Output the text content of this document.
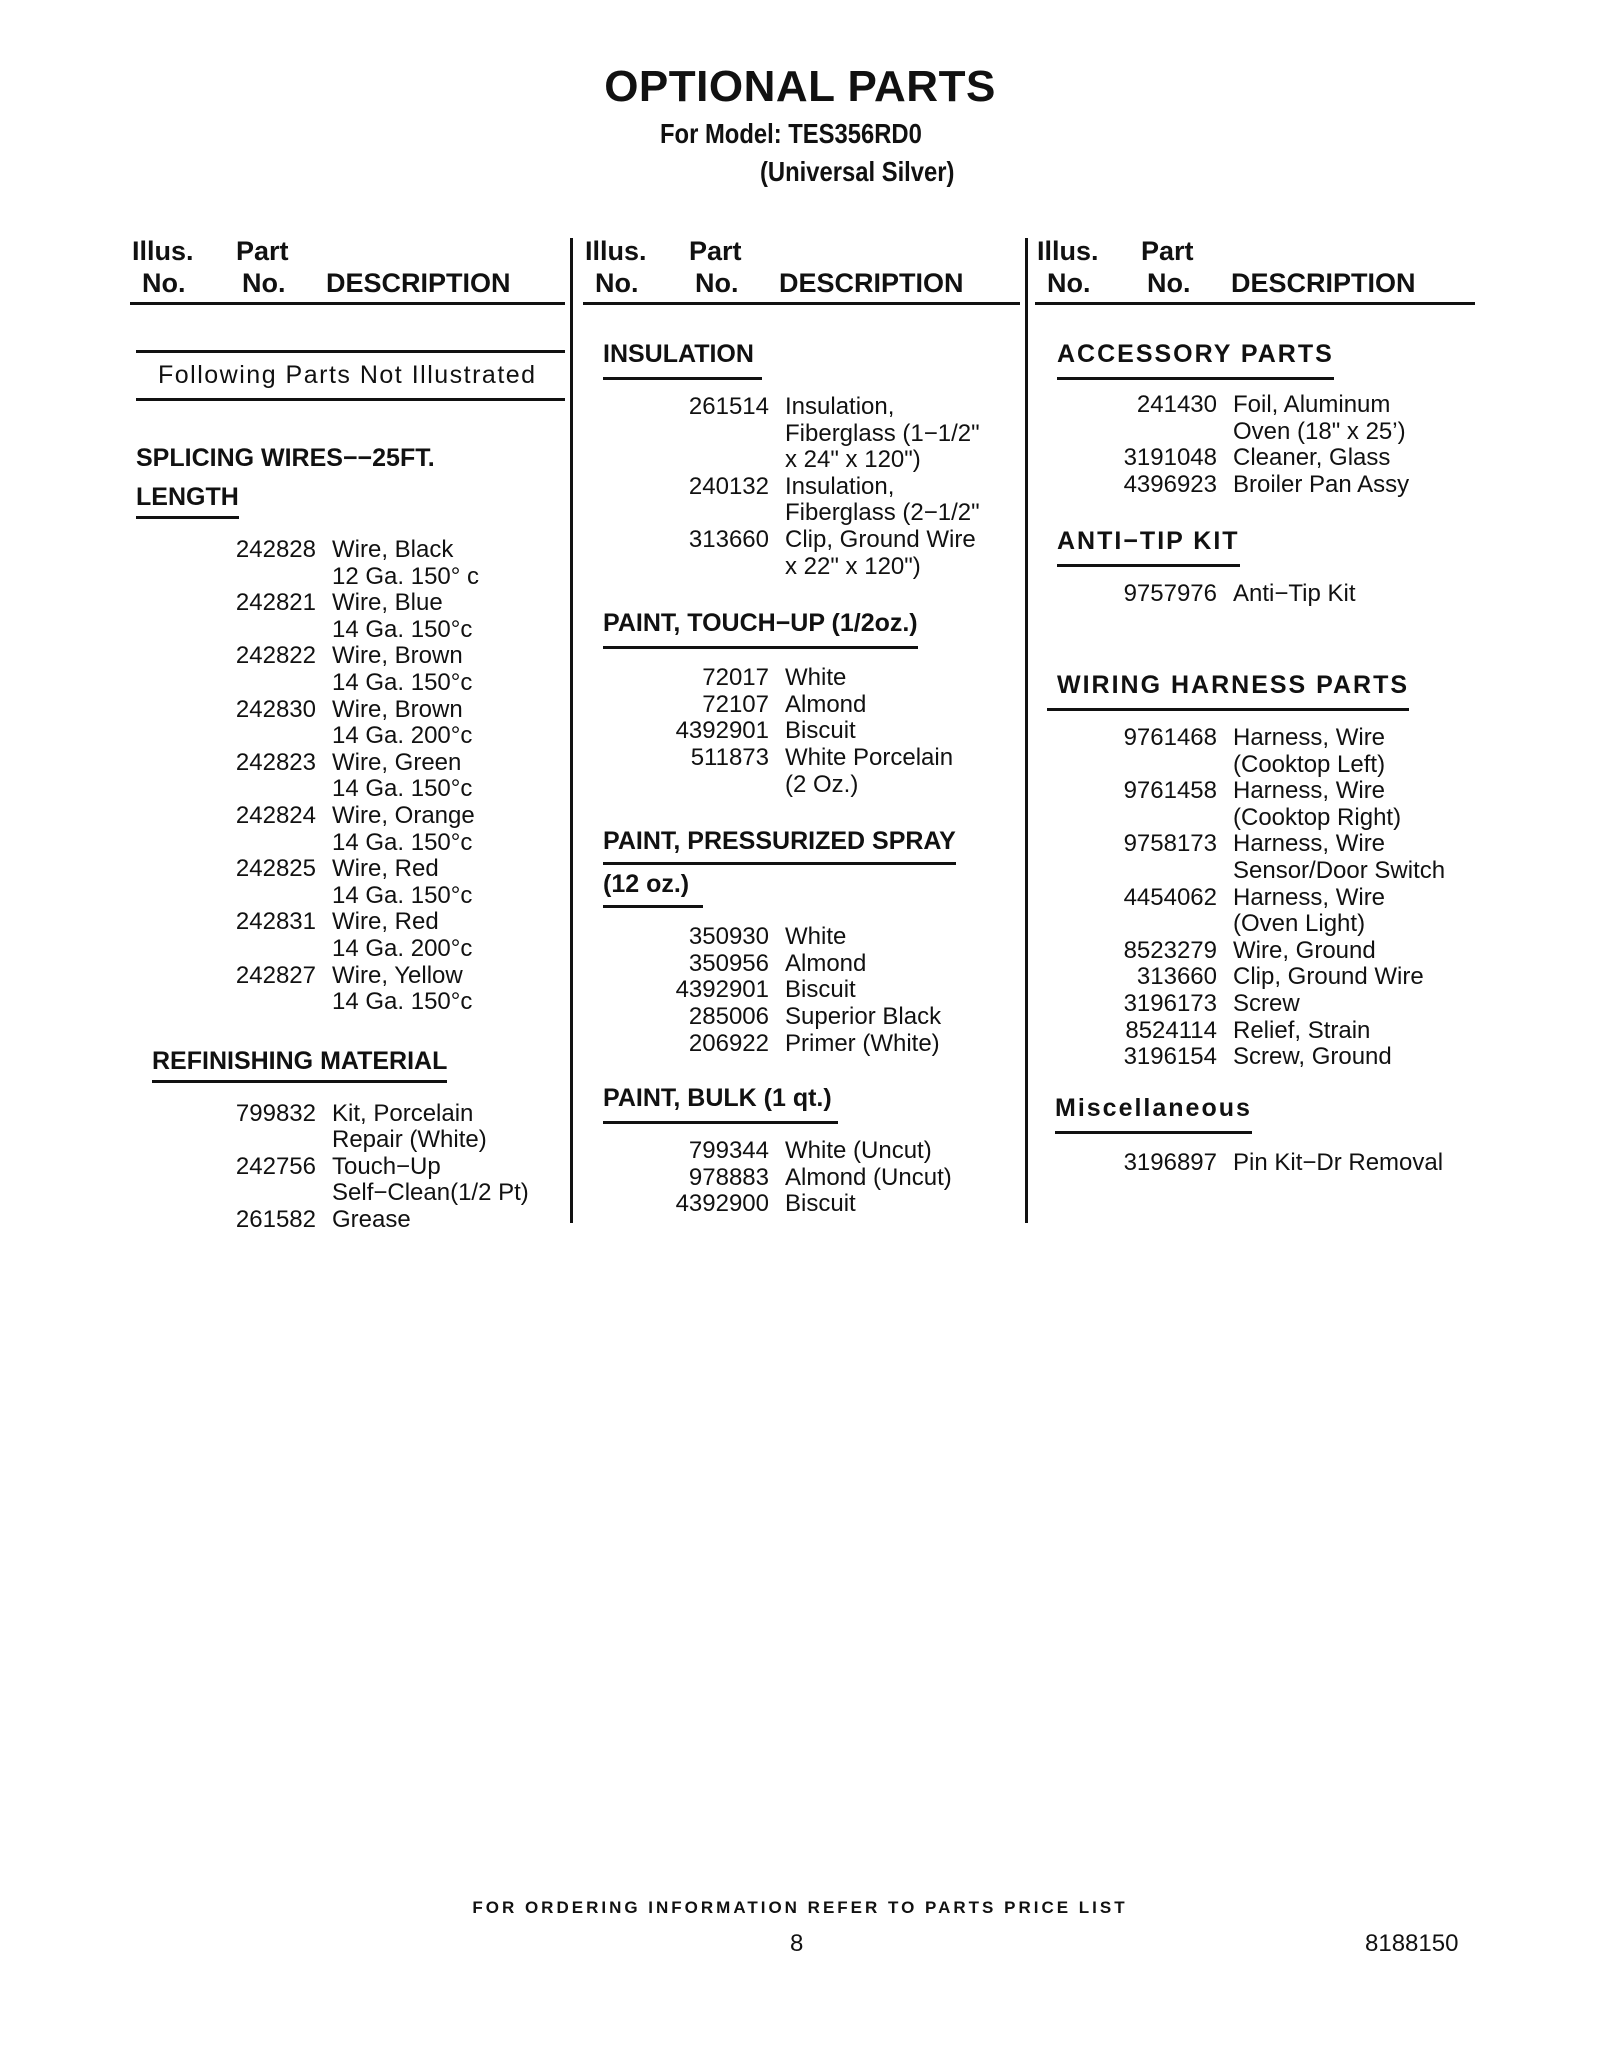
OPTIONAL PARTS
For Model: TES356RD0
(Universal Silver)
Illus.
No.
Part
No. DESCRIPTION
Following Parts Not Illustrated
SPLICING WIRES−−25FT.
LENGTH
242828 Wire, Black
12 Ga. 150° c
242821 Wire, Blue
14 Ga. 150°c
242822 Wire, Brown
14 Ga. 150°c
242830 Wire, Brown
14 Ga. 200°c
242823 Wire, Green
14 Ga. 150°c
242824 Wire, Orange
14 Ga. 150°c
242825 Wire, Red
14 Ga. 150°c
242831 Wire, Red
14 Ga. 200°c
242827 Wire, Yellow
14 Ga. 150°c
REFINISHING MATERIAL
799832 Kit, Porcelain
Repair (White)
242756 Touch−Up
Self−Clean(1/2 Pt)
261582 Grease
Illus.
No.
Part
No. DESCRIPTION
INSULATION
261514 Insulation,
Fiberglass (1−1/2"
x 24" x 120")
240132 Insulation,
Fiberglass (2−1/2"
313660 Clip, Ground Wire
x 22" x 120")
PAINT, TOUCH−UP (1/2oz.)
72017 White
72107 Almond
4392901 Biscuit
511873 White Porcelain
(2 Oz.)
PAINT, PRESSURIZED SPRAY
(12 oz.)
350930 White
350956 Almond
4392901 Biscuit
285006 Superior Black
206922 Primer (White)
PAINT, BULK (1 qt.)
799344 White (Uncut)
978883 Almond (Uncut)
4392900 Biscuit
Illus.
No.
Part
No. DESCRIPTION
ACCESSORY PARTS
241430 Foil, Aluminum
Oven (18" x 25’)
3191048 Cleaner, Glass
4396923 Broiler Pan Assy
ANTI−TIP KIT
9757976 Anti−Tip Kit
WIRING HARNESS PARTS
9761468 Harness, Wire
(Cooktop Left)
9761458 Harness, Wire
(Cooktop Right)
9758173 Harness, Wire
Sensor/Door Switch
4454062 Harness, Wire
(Oven Light)
8523279 Wire, Ground
313660 Clip, Ground Wire
3196173 Screw
8524114 Relief, Strain
3196154 Screw, Ground
Miscellaneous
3196897 Pin Kit−Dr Removal
FOR ORDERING INFORMATION REFER TO PARTS PRICE LIST
8	8188150
